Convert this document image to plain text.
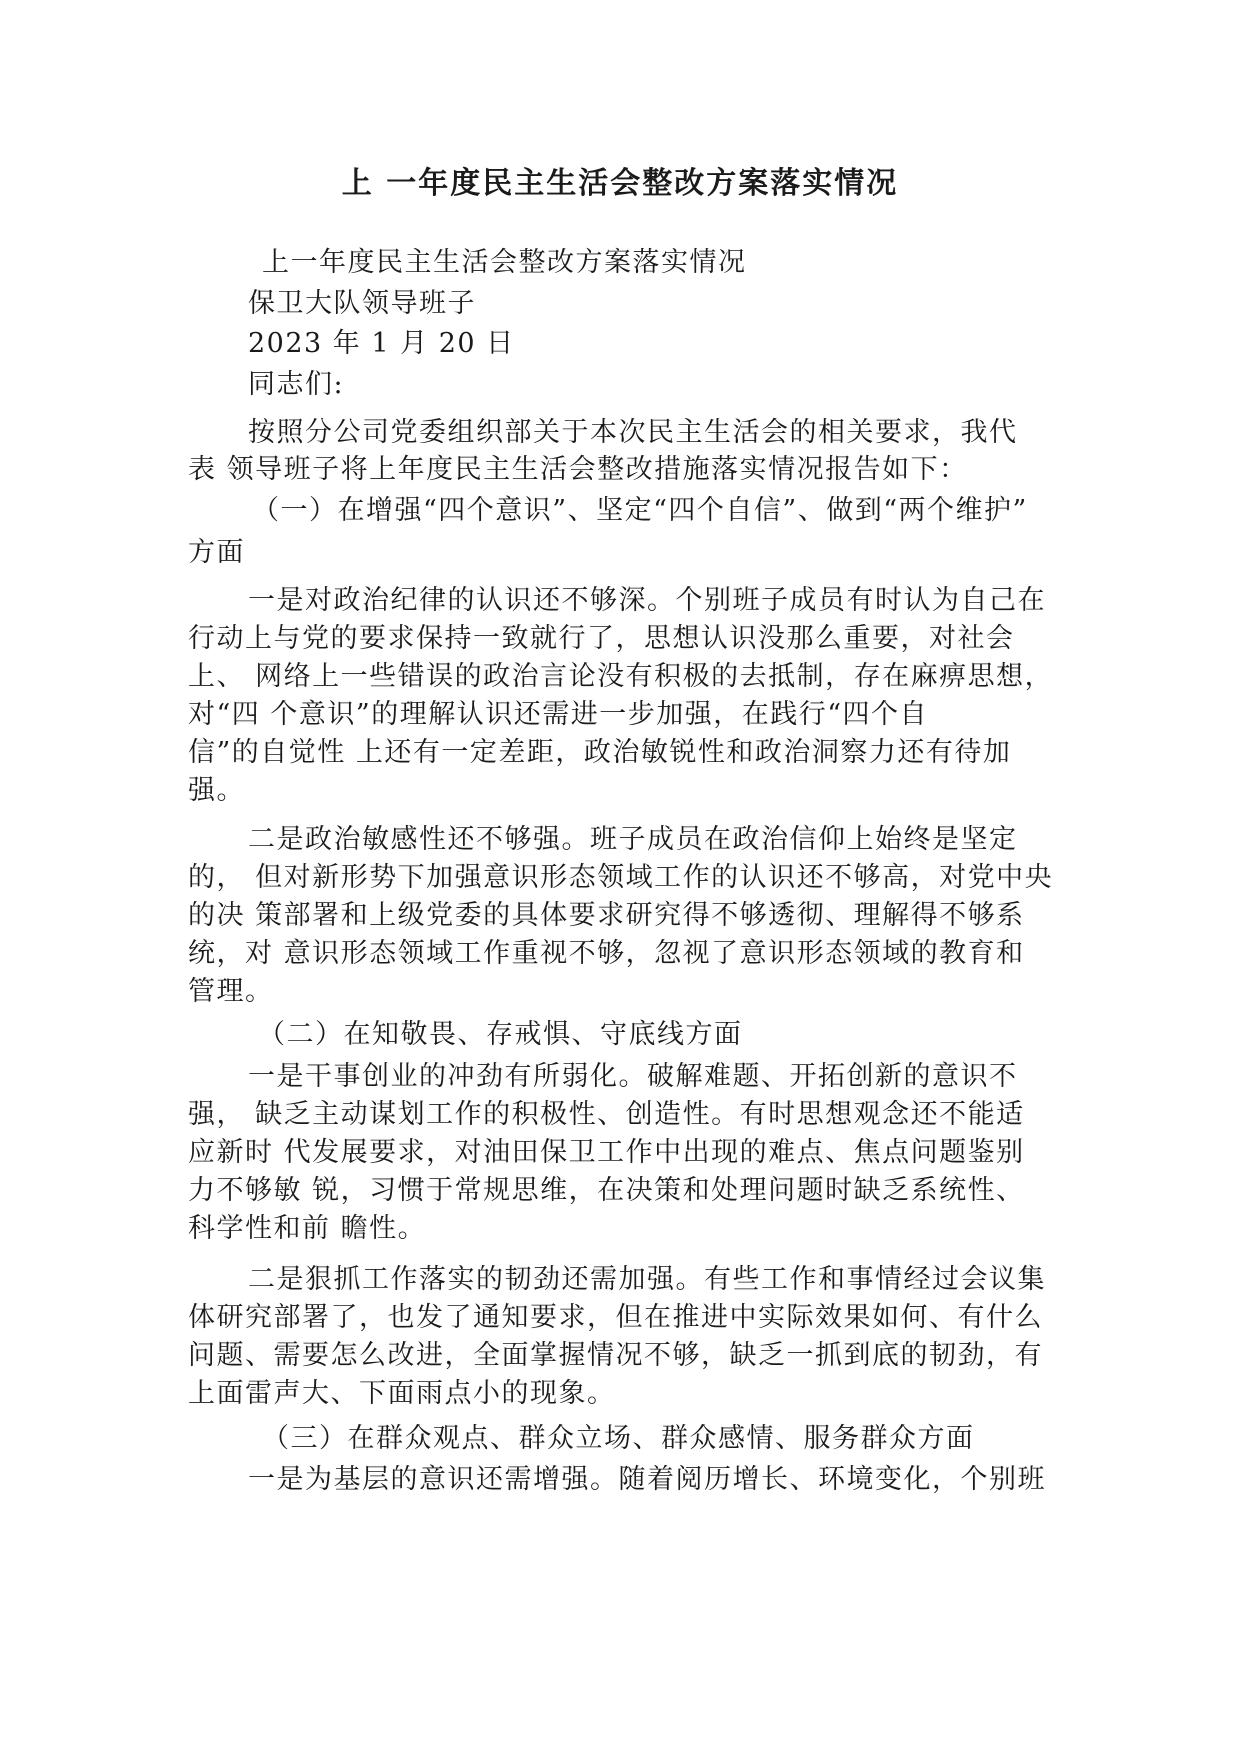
上 一年度民主生活会整改方案落实情况
上一年度民主生活会整改方案落实情况
保卫大队领导班子
2023 年 1 月 20 日
同志们:
按照分公司党委组织部关于本次民主生活会的相关要求，我代
表 领导班子将上年度民主生活会整改措施落实情况报告如下：
（一）在增强“四个意识”、坚定“四个自信”、做到“两个维护”
方面
一是对政治纪律的认识还不够深。个别班子成员有时认为自己在
行动上与党的要求保持一致就行了，思想认识没那么重要，对社会
上、 网络上一些错误的政治言论没有积极的去抵制，存在麻痹思想，
对“四 个意识”的理解认识还需进一步加强，在践行“四个自
信”的自觉性 上还有一定差距，政治敏锐性和政治洞察力还有待加
强。
二是政治敏感性还不够强。班子成员在政治信仰上始终是坚定
的， 但对新形势下加强意识形态领域工作的认识还不够高，对党中央
的决 策部署和上级党委的具体要求研究得不够透彻、理解得不够系
统，对 意识形态领域工作重视不够，忽视了意识形态领域的教育和
管理。
（二）在知敬畏、存戒惧、守底线方面
一是干事创业的冲劲有所弱化。破解难题、开拓创新的意识不
强， 缺乏主动谋划工作的积极性、创造性。有时思想观念还不能适
应新时 代发展要求，对油田保卫工作中出现的难点、焦点问题鉴别
力不够敏 锐，习惯于常规思维，在决策和处理问题时缺乏系统性、
科学性和前 瞻性。
二是狠抓工作落实的韧劲还需加强。有些工作和事情经过会议集
体研究部署了，也发了通知要求，但在推进中实际效果如何、有什么
问题、需要怎么改进，全面掌握情况不够，缺乏一抓到底的韧劲，有
上面雷声大、下面雨点小的现象。
（三）在群众观点、群众立场、群众感情、服务群众方面
一是为基层的意识还需增强。随着阅历增长、环境变化，个别班
